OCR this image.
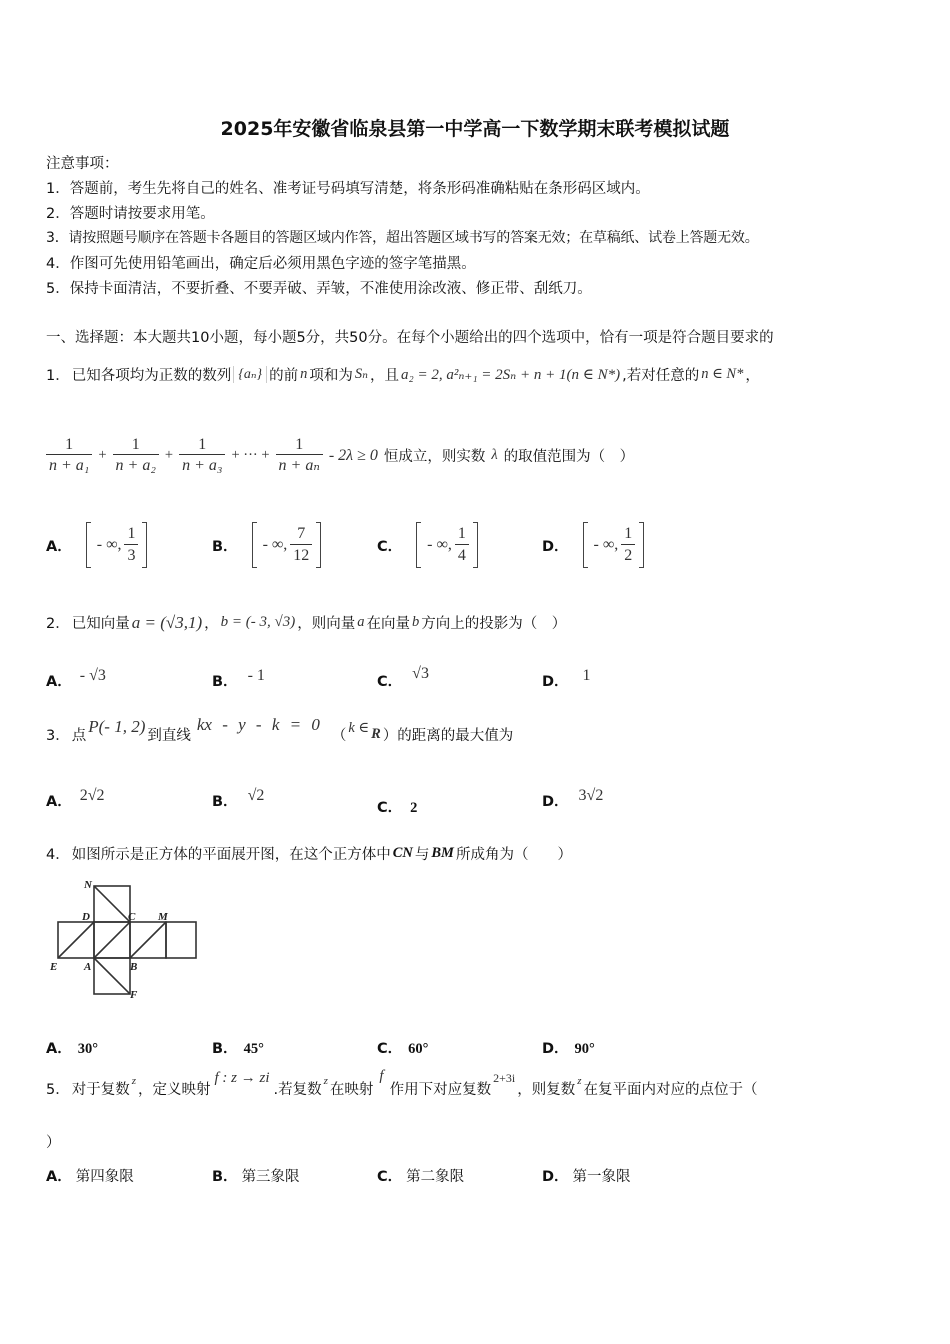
2025年安徽省临泉县第一中学高一下数学期末联考模拟试题
注意事项：
1．答题前，考生先将自己的姓名、准考证号码填写清楚，将条形码准确粘贴在条形码区域内。
2．答题时请按要求用笔。
3．请按照题号顺序在答题卡各题目的答题区域内作答，超出答题区域书写的答案无效；在草稿纸、试卷上答题无效。
4．作图可先使用铅笔画出，确定后必须用黑色字迹的签字笔描黑。
5．保持卡面清洁，不要折叠、不要弄破、弄皱，不准使用涂改液、修正带、刮纸刀。
一、选择题：本大题共10小题，每小题5分，共50分。在每个小题给出的四个选项中，恰有一项是符合题目要求的
1． 已知各项均为正数的数列 {aₙ} 的前 n 项和为 Sₙ ，且 a₂ = 2, a²ₙ₊₁ = 2Sₙ + n + 1(n ∈ N*) ,若对任意的 n ∈ N* ，
$\frac{1}{\text{n + a₁}} + \frac{1}{\text{n + a₂}} + \frac{1}{\text{n + a₃}}$ + ··· + $\frac{1}{\text{n + aₙ}} - 2\lambda \ge 0$ 恒成立，则实数 λ 的取值范围为（　）
A． - ∞, $\frac{1}{3}$	B． - ∞, $\frac{7}{12}$	C． - ∞, $\frac{1}{4}$	D． - ∞, $\frac{1}{2}$
2． 已知向量 a = (√3,1) ， b = (- 3, √3) ，则向量 a 在向量 b 方向上的投影为（　）
A． - √3	B． - 1	C． √3	D． 1
3． 点
P(- 1, 2)
到直线
kx - y - k = 0
（ k ∈ R ）的距离的最大值为
A． 2√2	B． √2
C． 2	D． 3√2
4． 如图所示是正方体的平面展开图，在这个正方体中 CN 与 BM 所成角为（　　）
N
D	C M
E A	B
F
A． 30°	B． 45°	C． 60°	D． 90°
5． 对于复数
z
，定义映射
f : z → zi
.若复数
z
在映射
f
作用下对应复数
2+3i
，则复数
z
在复平面内对应的点位于（
）
A． 第四象限	B． 第三象限	C． 第二象限	D． 第一象限
